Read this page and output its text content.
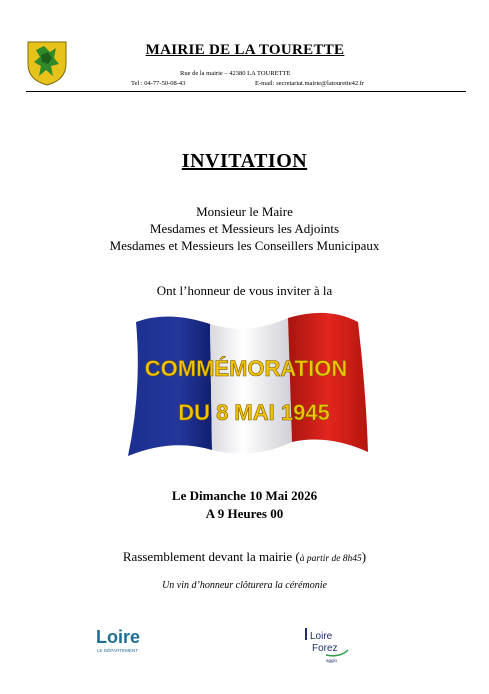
MAIRIE DE LA TOURETTE
Rue de la mairie – 42380 LA TOURETTE
Tel : 04-77-50-08-43	E-mail: secretariat.mairie@latourette42.fr
INVITATION
Monsieur le Maire
Mesdames et Messieurs les Adjoints
Mesdames et Messieurs les Conseillers Municipaux
Ont l’honneur de vous inviter à la
COMMÉMORATION
DU 8 MAI 1945
Le Dimanche 10 Mai 2026
A 9 Heures 00
Rassemblement devant la mairie (à partir de 8h45)
Un vin d’honneur clôturera la cérémonie
Loire
LE DÉPARTEMENT
Loire
Forez
agglo
